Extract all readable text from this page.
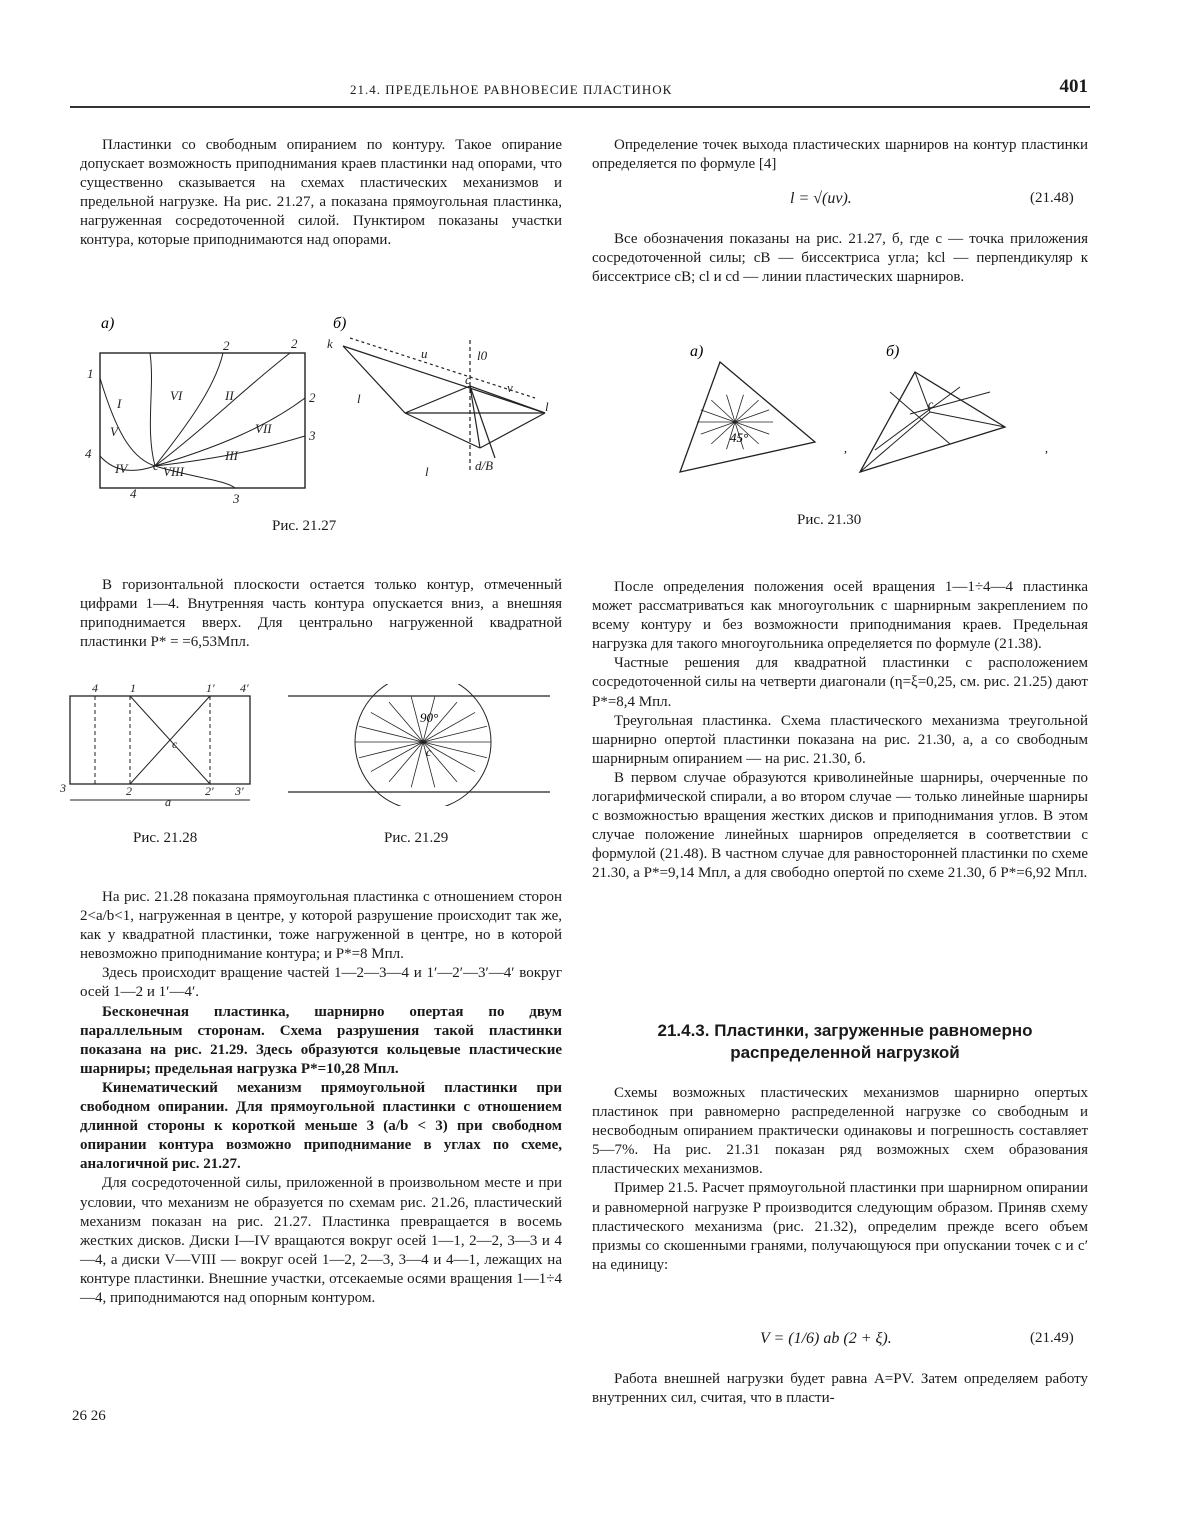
21.4. ПРЕДЕЛЬНОЕ РАВНОВЕСИЕ ПЛАСТИНОК	401

Пластинки со свободным опиранием по контуру. Такое опирание допускает возможность приподнимания краев пластинки над опорами, что существенно сказывается на схемах пластических механизмов и предельной нагрузке. На рис. 21.27, а показана прямоугольная пластинка, нагруженная сосредоточенной силой. Пунктиром показаны участки контура, которые приподнимаются над опорами.

а)	б)
I
VI	II
VII
III
VIII
V
IV
1
2	2
2
3
3
4
4
c
k
u	l0
v
l
c
l
l	d/B
Рис. 21.27

В горизонтальной плоскости остается только контур, отмеченный цифрами 1—4. Внутренняя часть контура опускается вниз, а внешняя приподнимается вверх. Для центрально нагруженной квадратной пластинки P* = =6,53Mпл.

4	1	1′ 4′
3	2	2′ 3′
c
a
90°
c
Рис. 21.28	Рис. 21.29

На рис. 21.28 показана прямоугольная пластинка с отношением сторон 2<a/b<1, нагруженная в центре, у которой разрушение происходит так же, как у квадратной пластинки, тоже нагруженной в центре, но в которой невозможно приподнимание контура; и P*=8 Mпл.

Здесь происходит вращение частей 1—2—3—4 и 1′—2′—3′—4′ вокруг осей 1—2 и 1′—4′.

Бесконечная пластинка, шарнирно опертая по двум параллельным сторонам. Схема разрушения такой пластинки показана на рис. 21.29. Здесь образуются кольцевые пластические шарниры; предельная нагрузка P*=10,28 Mпл.

Кинематический механизм прямоугольной пластинки при свободном опирании. Для прямоугольной пластинки с отношением длинной стороны к короткой меньше 3 (a/b < 3) при свободном опирании контура возможно приподнимание в углах по схеме, аналогичной рис. 21.27.

Для сосредоточенной силы, приложенной в произвольном месте и при условии, что механизм не образуется по схемам рис. 21.26, пластический механизм показан на рис. 21.27. Пластинка превращается в восемь жестких дисков. Диски I—IV вращаются вокруг осей 1—1, 2—2, 3—3 и 4—4, а диски V—VIII — вокруг осей 1—2, 2—3, 3—4 и 4—1, лежащих на контуре пластинки. Внешние участки, отсекаемые осями вращения 1—1÷4—4, приподнимаются над опорным контуром.

26 26

Определение точек выхода пластических шарниров на контур пластинки определяется по формуле [4]

l = √(uv).	(21.48)

Все обозначения показаны на рис. 21.27, б, где c — точка приложения сосредоточенной силы; cB — биссектриса угла; kcl — перпендикуляр к биссектрисе cB; cl и cd — линии пластических шарниров.

а)	б)
45°
c
,	,
Рис. 21.30

После определения положения осей вращения 1—1÷4—4 пластинка может рассматриваться как многоугольник с шарнирным закреплением по всему контуру и без возможности приподнимания краев. Предельная нагрузка для такого многоугольника определяется по формуле (21.38).

Частные решения для квадратной пластинки с расположением сосредоточенной силы на четверти диагонали (η=ξ=0,25, см. рис. 21.25) дают P*=8,4 Mпл.

Треугольная пластинка. Схема пластического механизма треугольной шарнирно опертой пластинки показана на рис. 21.30, а, а со свободным шарнирным опиранием — на рис. 21.30, б.

В первом случае образуются криволинейные шарниры, очерченные по логарифмической спирали, а во втором случае — только линейные шарниры с возможностью вращения жестких дисков и приподнимания углов. В этом случае положение линейных шарниров определяется в соответствии с формулой (21.48). В частном случае для равносторонней пластинки по схеме 21.30, а P*=9,14 Mпл, а для свободно опертой по схеме 21.30, б P*=6,92 Mпл.

21.4.3. Пластинки, загруженные равномерно
распределенной нагрузкой

Схемы возможных пластических механизмов шарнирно опертых пластинок при равномерно распределенной нагрузке со свободным и несвободным опиранием практически одинаковы и погрешность составляет 5—7%. На рис. 21.31 показан ряд возможных схем образования пластических механизмов.

Пример 21.5. Расчет прямоугольной пластинки при шарнирном опирании и равномерной нагрузке P производится следующим образом. Приняв схему пластического механизма (рис. 21.32), определим прежде всего объем призмы со скошенными гранями, получающуюся при опускании точек c и c′ на единицу:

V = (1/6) ab (2 + ξ).	(21.49)

Работа внешней нагрузки будет равна A=PV. Затем определяем работу внутренних сил, считая, что в пласти-
